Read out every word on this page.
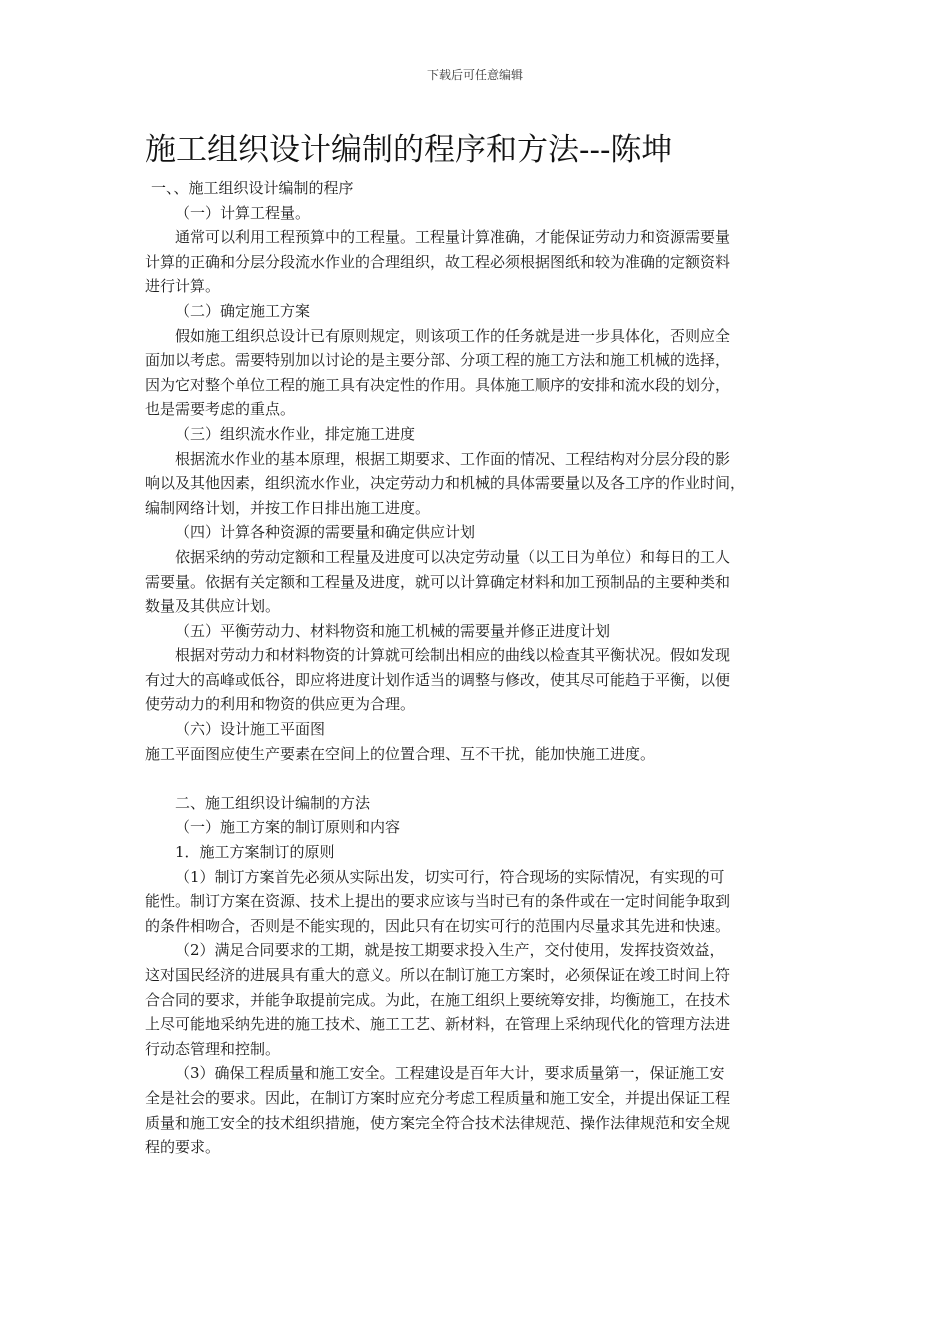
下载后可任意编辑
施工组织设计编制的程序和方法---陈坤
一、、施工组织设计编制的程序
（一）计算工程量。
通常可以利用工程预算中的工程量。工程量计算准确，才能保证劳动力和资源需要量
计算的正确和分层分段流水作业的合理组织，故工程必须根据图纸和较为准确的定额资料
进行计算。
（二）确定施工方案
假如施工组织总设计已有原则规定，则该项工作的任务就是进一步具体化，否则应全
面加以考虑。需要特别加以讨论的是主要分部、分项工程的施工方法和施工机械的选择，
因为它对整个单位工程的施工具有决定性的作用。具体施工顺序的安排和流水段的划分，
也是需要考虑的重点。
（三）组织流水作业，排定施工进度
根据流水作业的基本原理，根据工期要求、工作面的情况、工程结构对分层分段的影
响以及其他因素，组织流水作业，决定劳动力和机械的具体需要量以及各工序的作业时间，
编制网络计划，并按工作日排出施工进度。
（四）计算各种资源的需要量和确定供应计划
依据采纳的劳动定额和工程量及进度可以决定劳动量（以工日为单位）和每日的工人
需要量。依据有关定额和工程量及进度，就可以计算确定材料和加工预制品的主要种类和
数量及其供应计划。
（五）平衡劳动力、材料物资和施工机械的需要量并修正进度计划
根据对劳动力和材料物资的计算就可绘制出相应的曲线以检查其平衡状况。假如发现
有过大的高峰或低谷，即应将进度计划作适当的调整与修改，使其尽可能趋于平衡，以便
使劳动力的利用和物资的供应更为合理。
（六）设计施工平面图
施工平面图应使生产要素在空间上的位置合理、互不干扰，能加快施工进度。
二、施工组织设计编制的方法
（一）施工方案的制订原则和内容
1．施工方案制订的原则
（1）制订方案首先必须从实际出发，切实可行，符合现场的实际情况，有实现的可
能性。制订方案在资源、技术上提出的要求应该与当时已有的条件或在一定时间能争取到
的条件相吻合，否则是不能实现的，因此只有在切实可行的范围内尽量求其先进和快速。
（2）满足合同要求的工期，就是按工期要求投入生产，交付使用，发挥技资效益，
这对国民经济的进展具有重大的意义。所以在制订施工方案时，必须保证在竣工时间上符
合合同的要求，并能争取提前完成。为此，在施工组织上要统筹安排，均衡施工，在技术
上尽可能地采纳先进的施工技术、施工工艺、新材料，在管理上采纳现代化的管理方法进
行动态管理和控制。
（3）确保工程质量和施工安全。工程建设是百年大计，要求质量第一，保证施工安
全是社会的要求。因此，在制订方案时应充分考虑工程质量和施工安全，并提出保证工程
质量和施工安全的技术组织措施，使方案完全符合技术法律规范、操作法律规范和安全规
程的要求。
